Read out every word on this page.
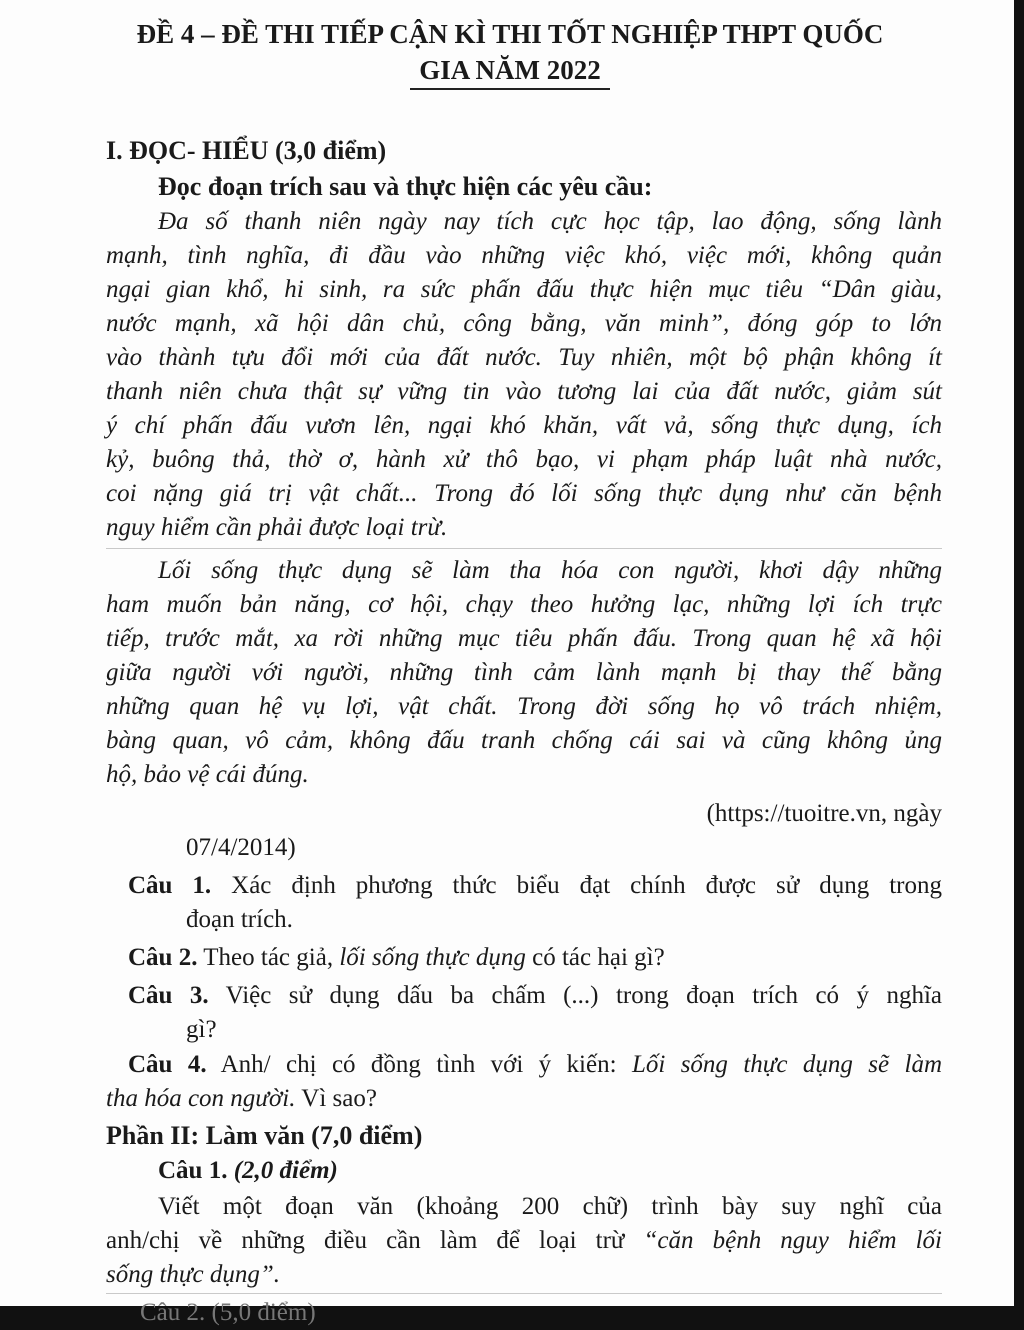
ĐỀ 4 – ĐỀ THI TIẾP CẬN KÌ THI TỐT NGHIỆP THPT QUỐC
GIA NĂM 2022
I. ĐỌC- HIỂU (3,0 điểm)
Đọc đoạn trích sau và thực hiện các yêu cầu:
Đa số thanh niên ngày nay tích cực học tập, lao động, sống lành
mạnh, tình nghĩa, đi đầu vào những việc khó, việc mới, không quản
ngại gian khổ, hi sinh, ra sức phấn đấu thực hiện mục tiêu “Dân giàu,
nước mạnh, xã hội dân chủ, công bằng, văn minh”, đóng góp to lớn
vào thành tựu đổi mới của đất nước. Tuy nhiên, một bộ phận không ít
thanh niên chưa thật sự vững tin vào tương lai của đất nước, giảm sút
ý chí phấn đấu vươn lên, ngại khó khăn, vất vả, sống thực dụng, ích
kỷ, buông thả, thờ ơ, hành xử thô bạo, vi phạm pháp luật nhà nước,
coi nặng giá trị vật chất... Trong đó lối sống thực dụng như căn bệnh
nguy hiểm cần phải được loại trừ.
Lối sống thực dụng sẽ làm tha hóa con người, khơi dậy những
ham muốn bản năng, cơ hội, chạy theo hưởng lạc, những lợi ích trực
tiếp, trước mắt, xa rời những mục tiêu phấn đấu. Trong quan hệ xã hội
giữa người với người, những tình cảm lành mạnh bị thay thế bằng
những quan hệ vụ lợi, vật chất. Trong đời sống họ vô trách nhiệm,
bàng quan, vô cảm, không đấu tranh chống cái sai và cũng không ủng
hộ, bảo vệ cái đúng.
(https://tuoitre.vn, ngày
07/4/2014)
Câu 1. Xác định phương thức biểu đạt chính được sử dụng trong
đoạn trích.
Câu 2. Theo tác giả, lối sống thực dụng có tác hại gì?
Câu 3. Việc sử dụng dấu ba chấm (...) trong đoạn trích có ý nghĩa
gì?
Câu 4. Anh/ chị có đồng tình với ý kiến: Lối sống thực dụng sẽ làm
tha hóa con người. Vì sao?
Phần II: Làm văn (7,0 điểm)
Câu 1. (2,0 điểm)
Viết một đoạn văn (khoảng 200 chữ) trình bày suy nghĩ của
anh/chị về những điều cần làm để loại trừ “căn bệnh nguy hiểm lối
sống thực dụng”.
Câu 2. (5,0 điểm)
